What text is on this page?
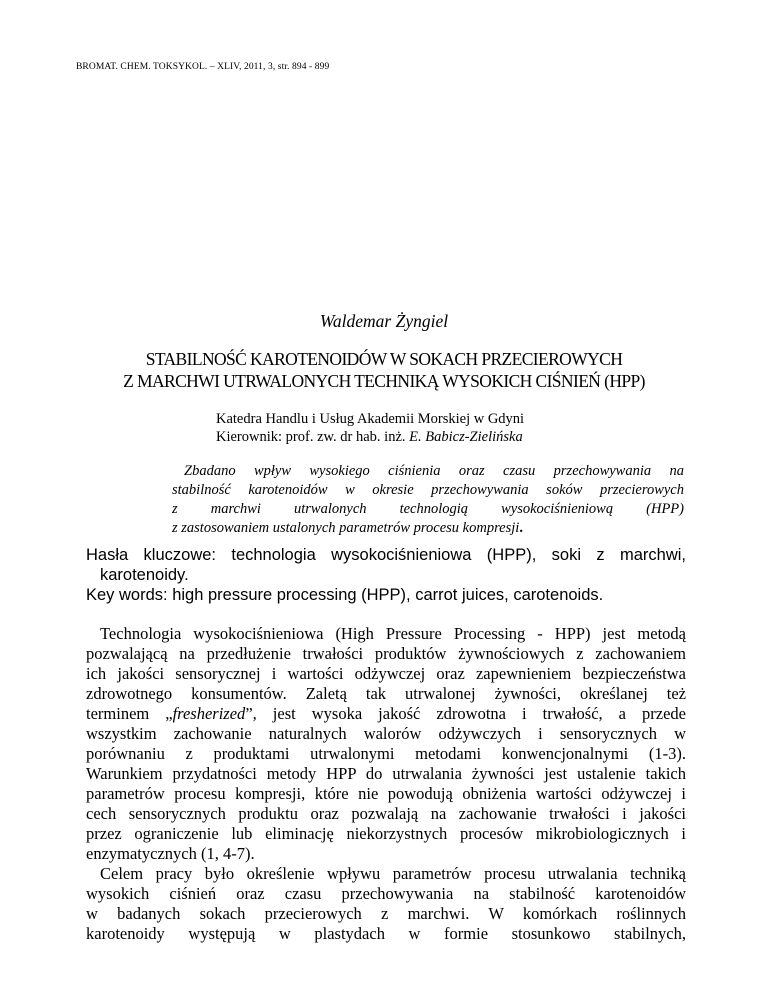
BROMAT. CHEM. TOKSYKOL. – XLIV, 2011, 3, str. 894 - 899
Waldemar Żyngiel
STABILNOŚĆ KAROTENOIDÓW W SOKACH PRZECIEROWYCH
Z MARCHWI UTRWALONYCH TECHNIKĄ WYSOKICH CIŚNIEŃ (HPP)
Katedra Handlu i Usług Akademii Morskiej w Gdyni
Kierownik: prof. zw. dr hab. inż. E. Babicz-Zielińska
Zbadano wpływ wysokiego ciśnienia oraz czasu przechowywania na
stabilność karotenoidów w okresie przechowywania soków przecierowych
z marchwi utrwalonych technologią wysokociśnieniową (HPP)
z zastosowaniem ustalonych parametrów procesu kompresji.
Hasła kluczowe: technologia wysokociśnieniowa (HPP), soki z marchwi,
karotenoidy.
Key words: high pressure processing (HPP), carrot juices, carotenoids.
Technologia wysokociśnieniowa (High Pressure Processing - HPP) jest metodą
pozwalającą na przedłużenie trwałości produktów żywnościowych z zachowaniem
ich jakości sensorycznej i wartości odżywczej oraz zapewnieniem bezpieczeństwa
zdrowotnego konsumentów. Zaletą tak utrwalonej żywności, określanej też
terminem „fresherized”, jest wysoka jakość zdrowotna i trwałość, a przede
wszystkim zachowanie naturalnych walorów odżywczych i sensorycznych w
porównaniu z produktami utrwalonymi metodami konwencjonalnymi (1-3).
Warunkiem przydatności metody HPP do utrwalania żywności jest ustalenie takich
parametrów procesu kompresji, które nie powodują obniżenia wartości odżywczej i
cech sensorycznych produktu oraz pozwalają na zachowanie trwałości i jakości
przez ograniczenie lub eliminację niekorzystnych procesów mikrobiologicznych i
enzymatycznych (1, 4-7).
Celem pracy było określenie wpływu parametrów procesu utrwalania techniką
wysokich ciśnień oraz czasu przechowywania na stabilność karotenoidów
w badanych sokach przecierowych z marchwi. W komórkach roślinnych
karotenoidy występują w plastydach w formie stosunkowo stabilnych,
